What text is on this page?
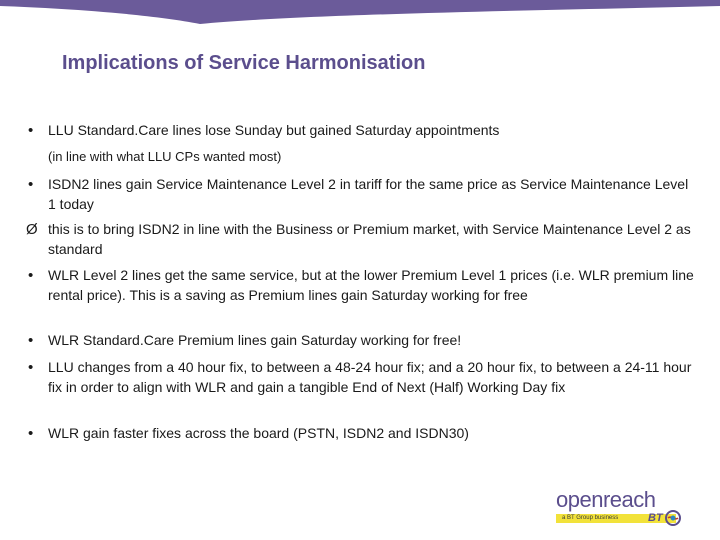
Implications of Service Harmonisation
• LLU Standard.Care lines lose Sunday but gained Saturday appointments
(in line with what LLU CPs wanted most)
• ISDN2 lines gain Service Maintenance Level 2 in tariff for the same price as Service Maintenance Level 1 today
Ø this is to bring ISDN2 in line with the Business or Premium market, with Service Maintenance Level 2 as standard
• WLR Level 2 lines get the same service, but at the lower Premium Level 1 prices (i.e. WLR premium line rental price). This is a saving as Premium lines gain Saturday working for free
• WLR Standard.Care Premium lines gain Saturday working for free!
• LLU changes from a 40 hour fix, to between a 48-24 hour fix; and a 20 hour fix, to between a 24-11 hour fix in order to align with WLR and gain a tangible End of Next (Half) Working Day fix
• WLR gain faster fixes across the board (PSTN, ISDN2 and ISDN30)
openreach
a BT Group business	BT
